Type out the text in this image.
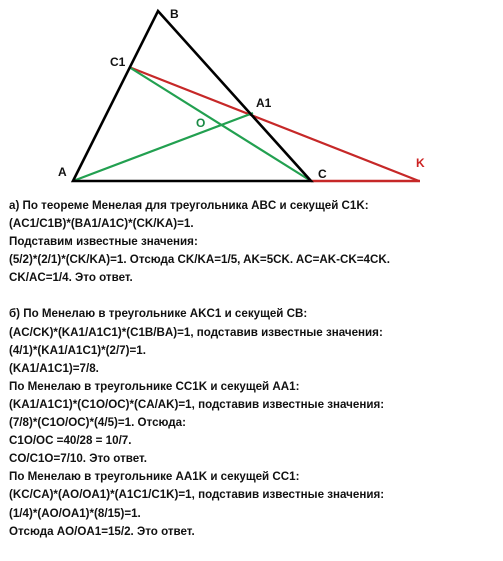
A
B
C
C1
A1
O
K
а) По теореме Менелая для треугольника ABC и секущей C1K:
(AC1/C1B)*(BA1/A1C)*(CK/KA)=1.
Подставим известные значения:
(5/2)*(2/1)*(CK/KA)=1. Отсюда CK/KA=1/5, AK=5CK. AC=AK-CK=4CK.
CK/AC=1/4. Это ответ.
б) По Менелаю в треугольнике AKC1 и секущей CB:
(AC/CK)*(KA1/A1C1)*(C1B/BA)=1, подставив известные значения:
(4/1)*(KA1/A1C1)*(2/7)=1.
(KA1/A1C1)=7/8.
По Менелаю в треугольнике CC1K и секущей AA1:
(KA1/A1C1)*(C1O/OC)*(CA/AK)=1, подставив известные значения:
(7/8)*(C1O/OC)*(4/5)=1. Отсюда:
C1O/OC =40/28 = 10/7.
CO/C1O=7/10. Это ответ.
По Менелаю в треугольнике AA1K и секущей CC1:
(KC/CA)*(AO/OA1)*(A1C1/C1K)=1, подставив известные значения:
(1/4)*(AO/OA1)*(8/15)=1.
Отсюда AO/OA1=15/2. Это ответ.
